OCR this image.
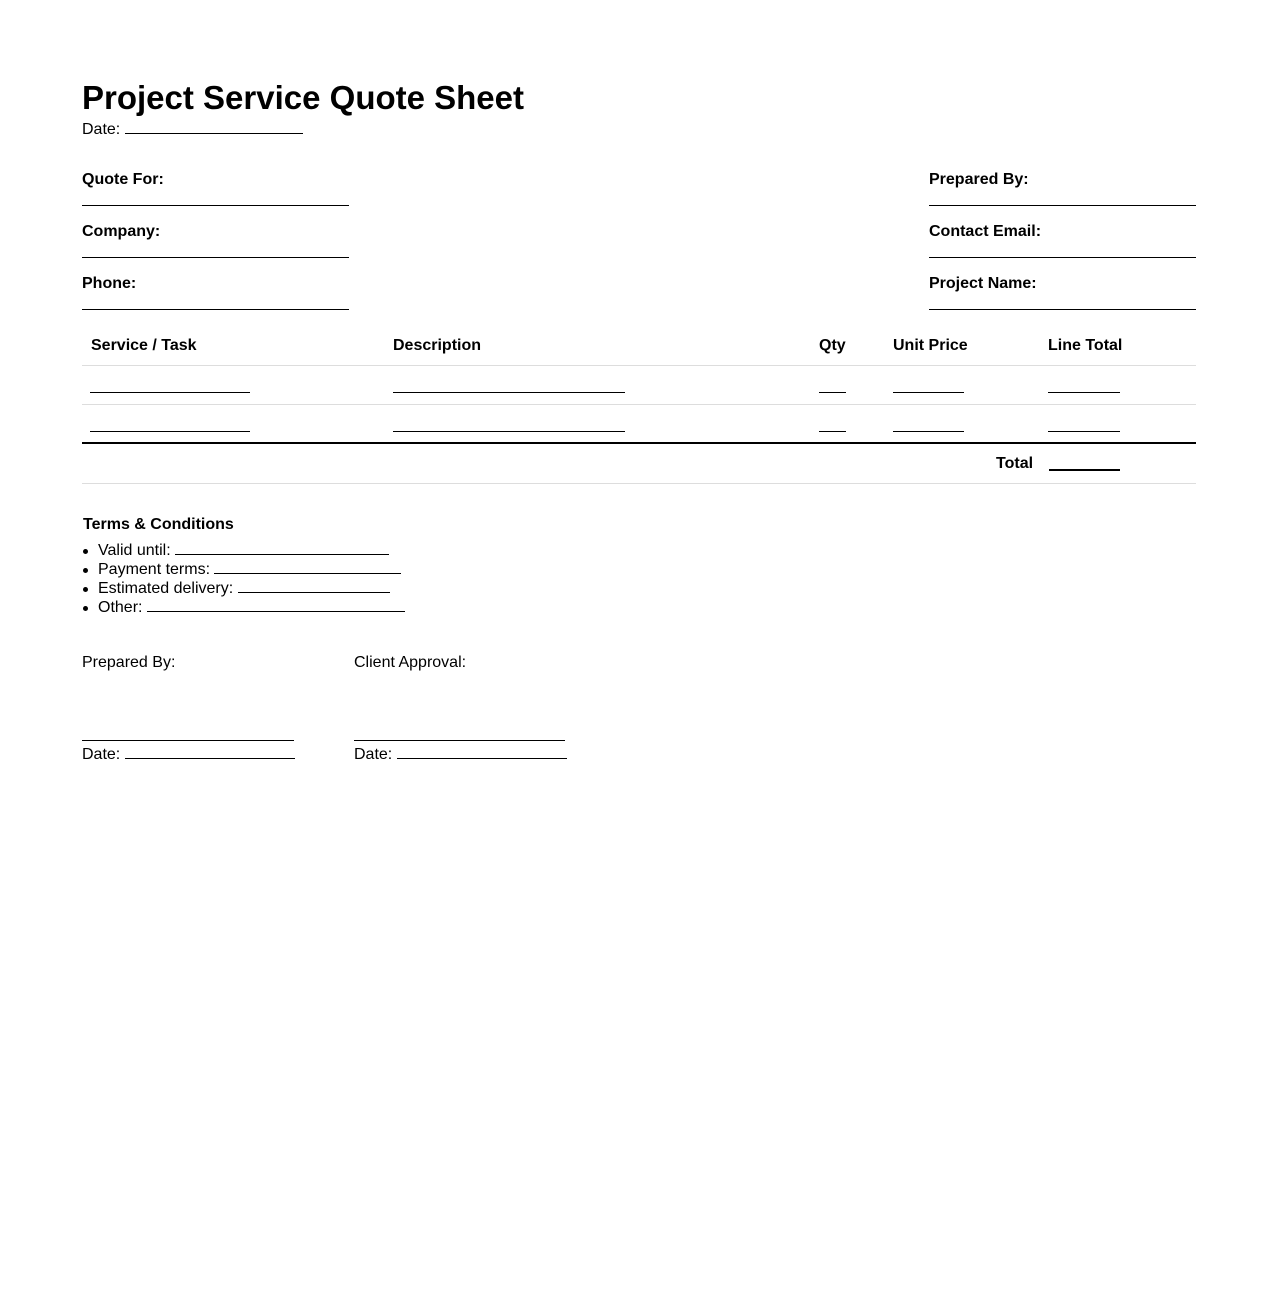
Project Service Quote Sheet
Date:
Quote For:
Company:
Phone:
Prepared By:
Contact Email:
Project Name:
Service / Task	Description	Qty	Unit Price	Line Total
Total
Terms & Conditions
Valid until:
Payment terms:
Estimated delivery:
Other:
Prepared By:	Client Approval:
Date:	Date:
